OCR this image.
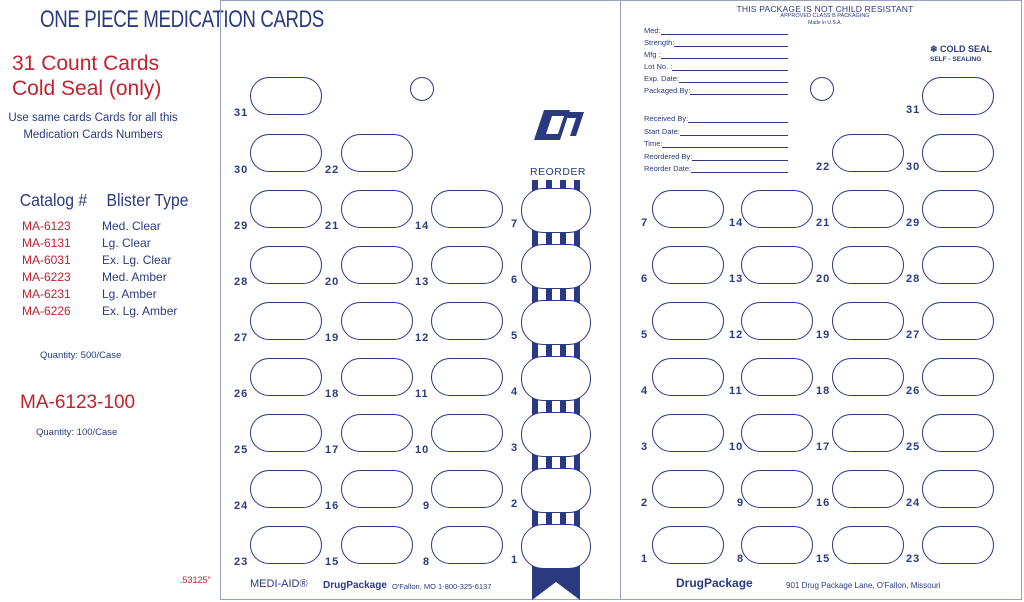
ONE PIECE MEDICATION CARDS
31 Count Cards
Cold Seal (only)
Use same cards Cards for all this Medication Cards Numbers
Catalog # Blister Type
MA-6123	Med. Clear
MA-6131	Lg. Clear
MA-6031	Ex. Lg. Clear
MA-6223	Med. Amber
MA-6231	Lg. Amber
MA-6226	Ex. Lg. Amber
Quantity: 500/Case
MA-6123-100
Quantity: 100/Case
.53125"
REORDER
THIS PACKAGE IS NOT CHILD RESISTANT
APPROVED CLASS B PACKAGING
Made in U.S.A.
Med:
Strength:
Mfg :
Lot No. :
Exp. Date:
Packaged By:
Received By:
Start Date:
Time:
Reordered By:
Reorder Date:
❄ COLD SEAL
SELF - SEALING
31
30
29
28
27
26
25
24
23
22
21
20
19
18
17
16
15
14
13
12
11
10
9
8
7
6
5
4
3
2
1
7
6
5
4
3
2
1
14
13
12
11
10
9
8
22
21
20
19
18
17
16
15
31
30
29
28
27
26
25
24
23
MEDI-AID® DrugPackage O'Fallon, MO 1-800-325-6137	DrugPackage	901 Drug Package Lane, O'Fallon, Missouri
